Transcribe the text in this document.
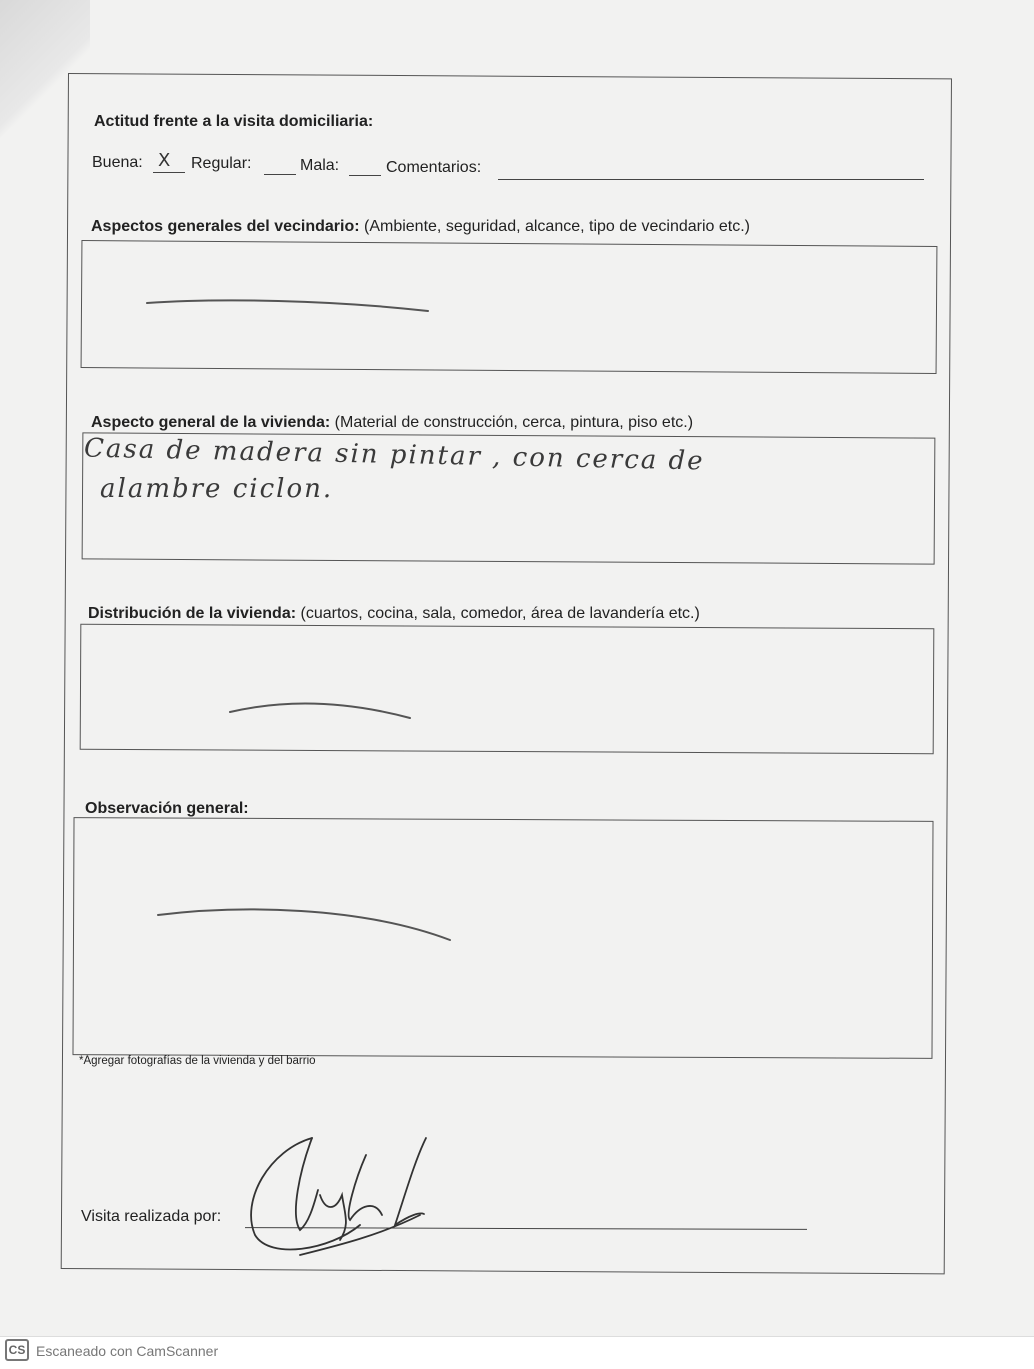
Actitud frente a la visita domiciliaria:
Buena: X Regular:	Mala:	Comentarios:
Aspectos generales del vecindario: (Ambiente, seguridad, alcance, tipo de vecindario etc.)
Aspecto general de la vivienda: (Material de construcción, cerca, pintura, piso etc.)
Casa de madera sin pintar , con cerca de
alambre ciclon.
Distribución de la vivienda: (cuartos, cocina, sala, comedor, área de lavandería etc.)
Observación general:
*Agregar fotografías de la vivienda y del barrio
Visita realizada por:
CS Escaneado con CamScanner
